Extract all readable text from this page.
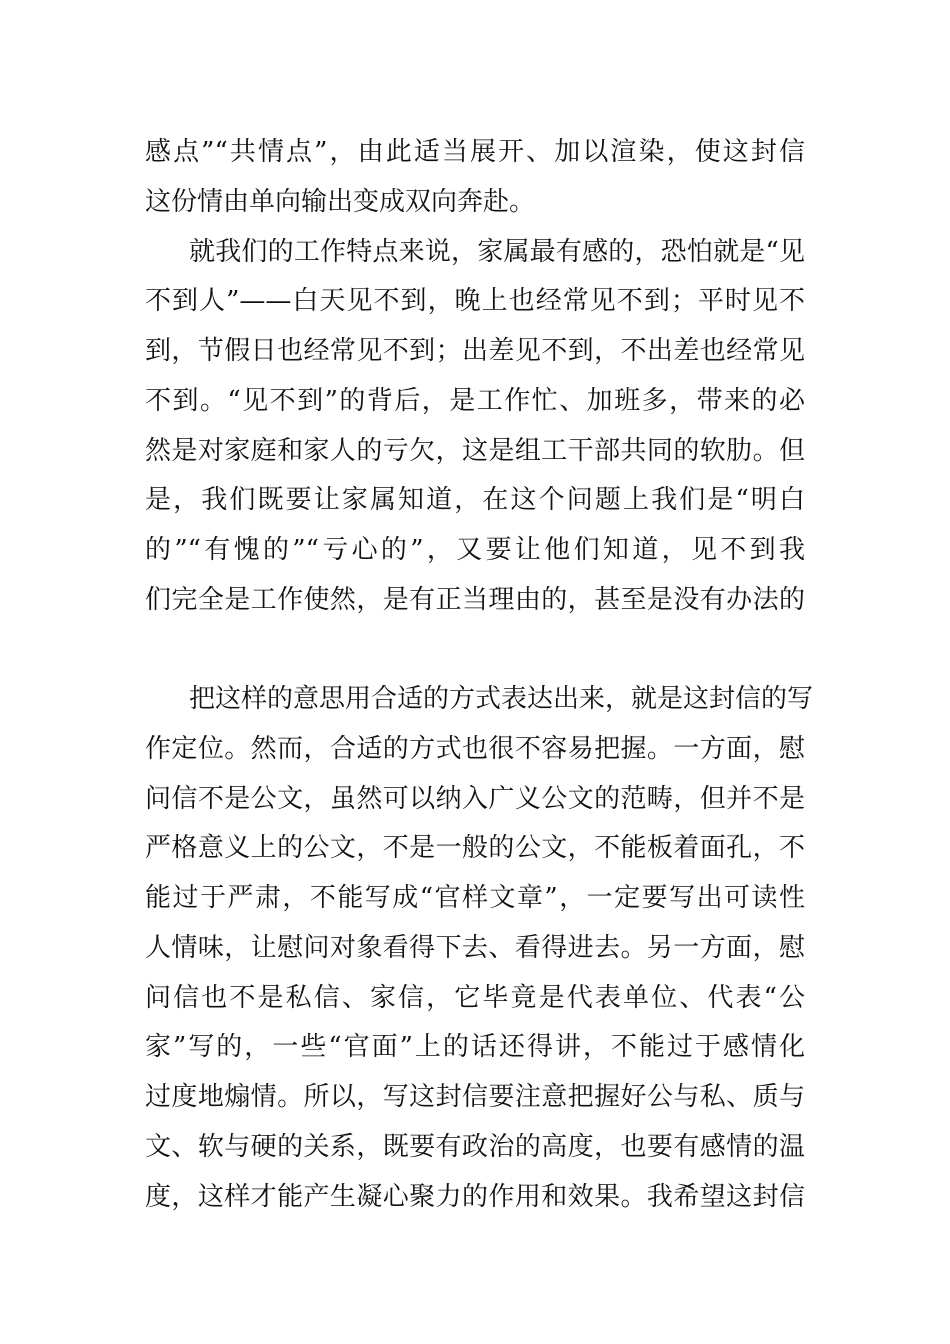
感点”“共情点”，由此适当展开、加以渲染，使这封信
这份情由单向输出变成双向奔赴。
就我们的工作特点来说，家属最有感的，恐怕就是“见
不到人”——白天见不到，晚上也经常见不到；平时见不
到，节假日也经常见不到；出差见不到，不出差也经常见
不到。“见不到”的背后，是工作忙、加班多，带来的必
然是对家庭和家人的亏欠，这是组工干部共同的软肋。但
是，我们既要让家属知道，在这个问题上我们是“明白
的”“有愧的”“亏心的”，又要让他们知道，见不到我
们完全是工作使然，是有正当理由的，甚至是没有办法的
把这样的意思用合适的方式表达出来，就是这封信的写
作定位。然而，合适的方式也很不容易把握。一方面，慰
问信不是公文，虽然可以纳入广义公文的范畴，但并不是
严格意义上的公文，不是一般的公文，不能板着面孔，不
能过于严肃，不能写成“官样文章”，一定要写出可读性
人情味，让慰问对象看得下去、看得进去。另一方面，慰
问信也不是私信、家信，它毕竟是代表单位、代表“公
家”写的，一些“官面”上的话还得讲，不能过于感情化
过度地煽情。所以，写这封信要注意把握好公与私、质与
文、软与硬的关系，既要有政治的高度，也要有感情的温
度，这样才能产生凝心聚力的作用和效果。我希望这封信
